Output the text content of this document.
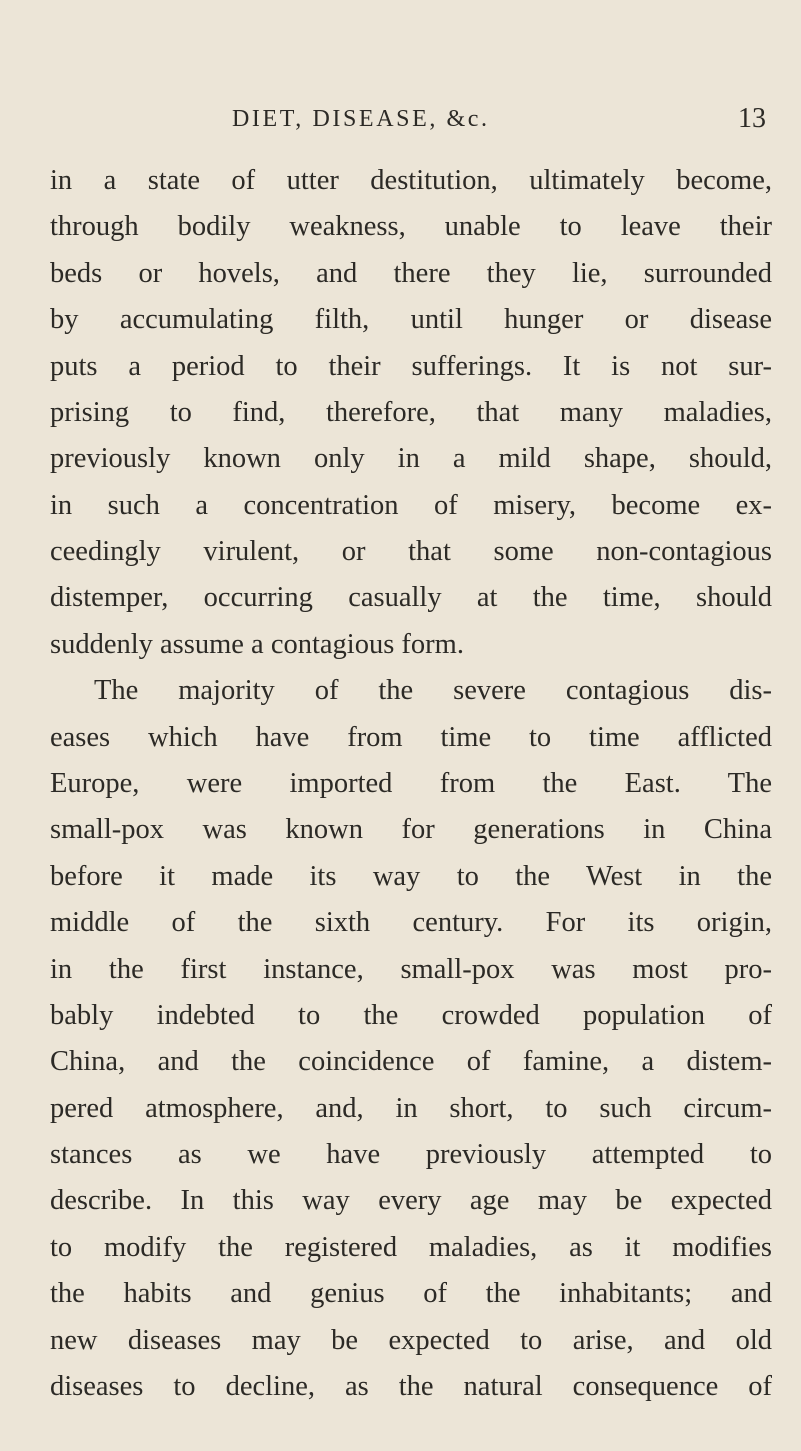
DIET, DISEASE, &c.	13
in a state of utter destitution, ultimately become,
through bodily weakness, unable to leave their
beds or hovels, and there they lie, surrounded
by accumulating filth, until hunger or disease
puts a period to their sufferings. It is not sur-
prising to find, therefore, that many maladies,
previously known only in a mild shape, should,
in such a concentration of misery, become ex-
ceedingly virulent, or that some non-contagious
distemper, occurring casually at the time, should
suddenly assume a contagious form.
The majority of the severe contagious dis-
eases which have from time to time afflicted
Europe, were imported from the East. The
small-pox was known for generations in China
before it made its way to the West in the
middle of the sixth century. For its origin,
in the first instance, small-pox was most pro-
bably indebted to the crowded population of
China, and the coincidence of famine, a distem-
pered atmosphere, and, in short, to such circum-
stances as we have previously attempted to
describe. In this way every age may be expected
to modify the registered maladies, as it modifies
the habits and genius of the inhabitants; and
new diseases may be expected to arise, and old
diseases to decline, as the natural consequence of
